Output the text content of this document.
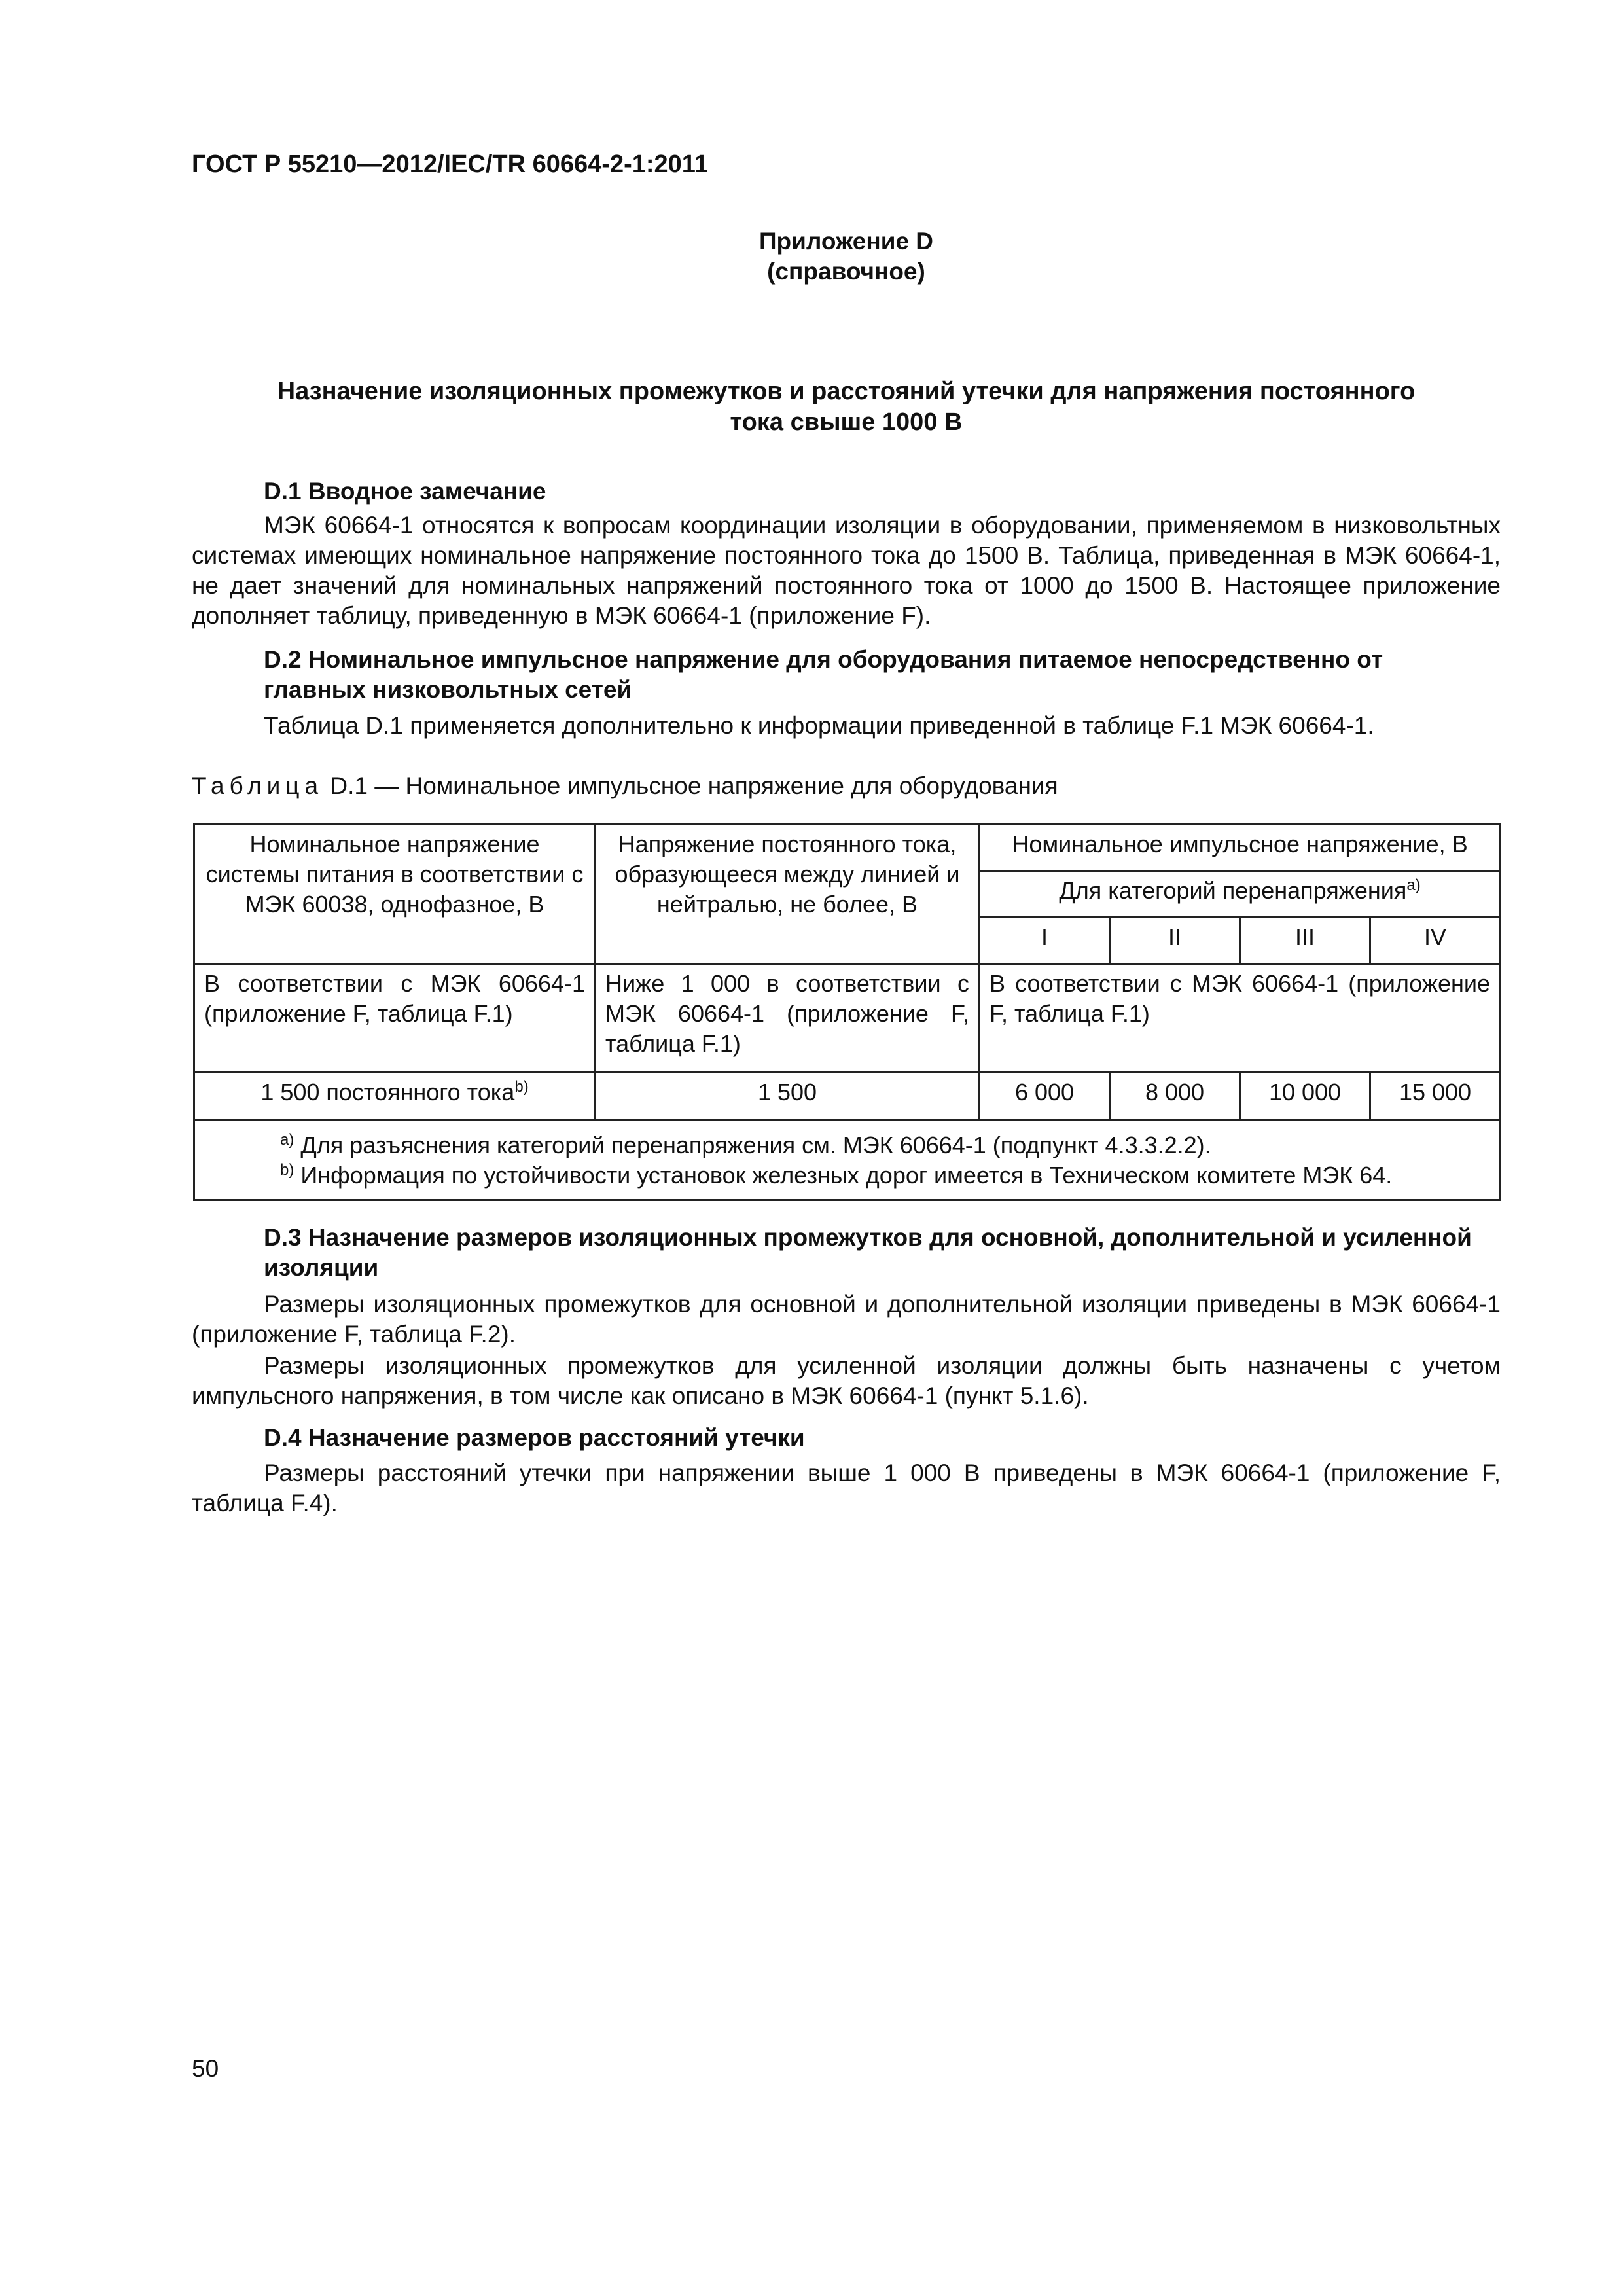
ГОСТ Р 55210—2012/IEC/TR 60664-2-1:2011
Приложение D
(справочное)
Назначение изоляционных промежутков и расстояний утечки для напряжения постоянного
тока свыше 1000 В
D.1 Вводное замечание
МЭК 60664-1 относятся к вопросам координации изоляции в оборудовании, применяемом в низковольтных системах имеющих номинальное напряжение постоянного тока до 1500 В. Таблица, приведенная в МЭК 60664-1, не дает значений для номинальных напряжений постоянного тока от 1000 до 1500 В. Настоящее приложение дополняет таблицу, приведенную в МЭК 60664-1 (приложение F).
D.2 Номинальное импульсное напряжение для оборудования питаемое непосредственно от
главных низковольтных сетей
Таблица D.1 применяется дополнительно к информации приведенной в таблице F.1 МЭК 60664-1.
Таблица D.1 — Номинальное импульсное напряжение для оборудования
Номинальное напряжение системы питания в соответствии с МЭК 60038, однофазное, В	Напряжение постоянного тока, образующееся между линией и нейтралью, не более, В	Номинальное импульсное напряжение, В			
		Для категорий перенапряжения$^{a)}$
		I	II	III	IV
В соответствии с МЭК 60664-1 (приложение F, таблица F.1)	Ниже 1 000 в соответствии с МЭК 60664-1 (приложение F, таблица F.1)	В соответствии с МЭК 60664-1 (приложение F, таблица F.1)			
1 500 постоянного тока$^{b)}$	1 500	6 000	8 000	10 000	15 000

$^{a)}$ Для разъяснения категорий перенапряжения см. МЭК 60664-1 (подпункт 4.3.3.2.2).
$^{b)}$ Информация по устойчивости установок железных дорог имеется в Техническом комитете МЭК 64.					
D.3 Назначение размеров изоляционных промежутков для основной, дополнительной и усиленной
изоляции
Размеры изоляционных промежутков для основной и дополнительной изоляции приведены в МЭК 60664-1 (приложение F, таблица F.2).
Размеры изоляционных промежутков для усиленной изоляции должны быть назначены с учетом импульсного напряжения, в том числе как описано в МЭК 60664-1 (пункт 5.1.6).
D.4 Назначение размеров расстояний утечки
Размеры расстояний утечки при напряжении выше 1 000 В приведены в МЭК 60664-1 (приложение F, таблица F.4).
50
